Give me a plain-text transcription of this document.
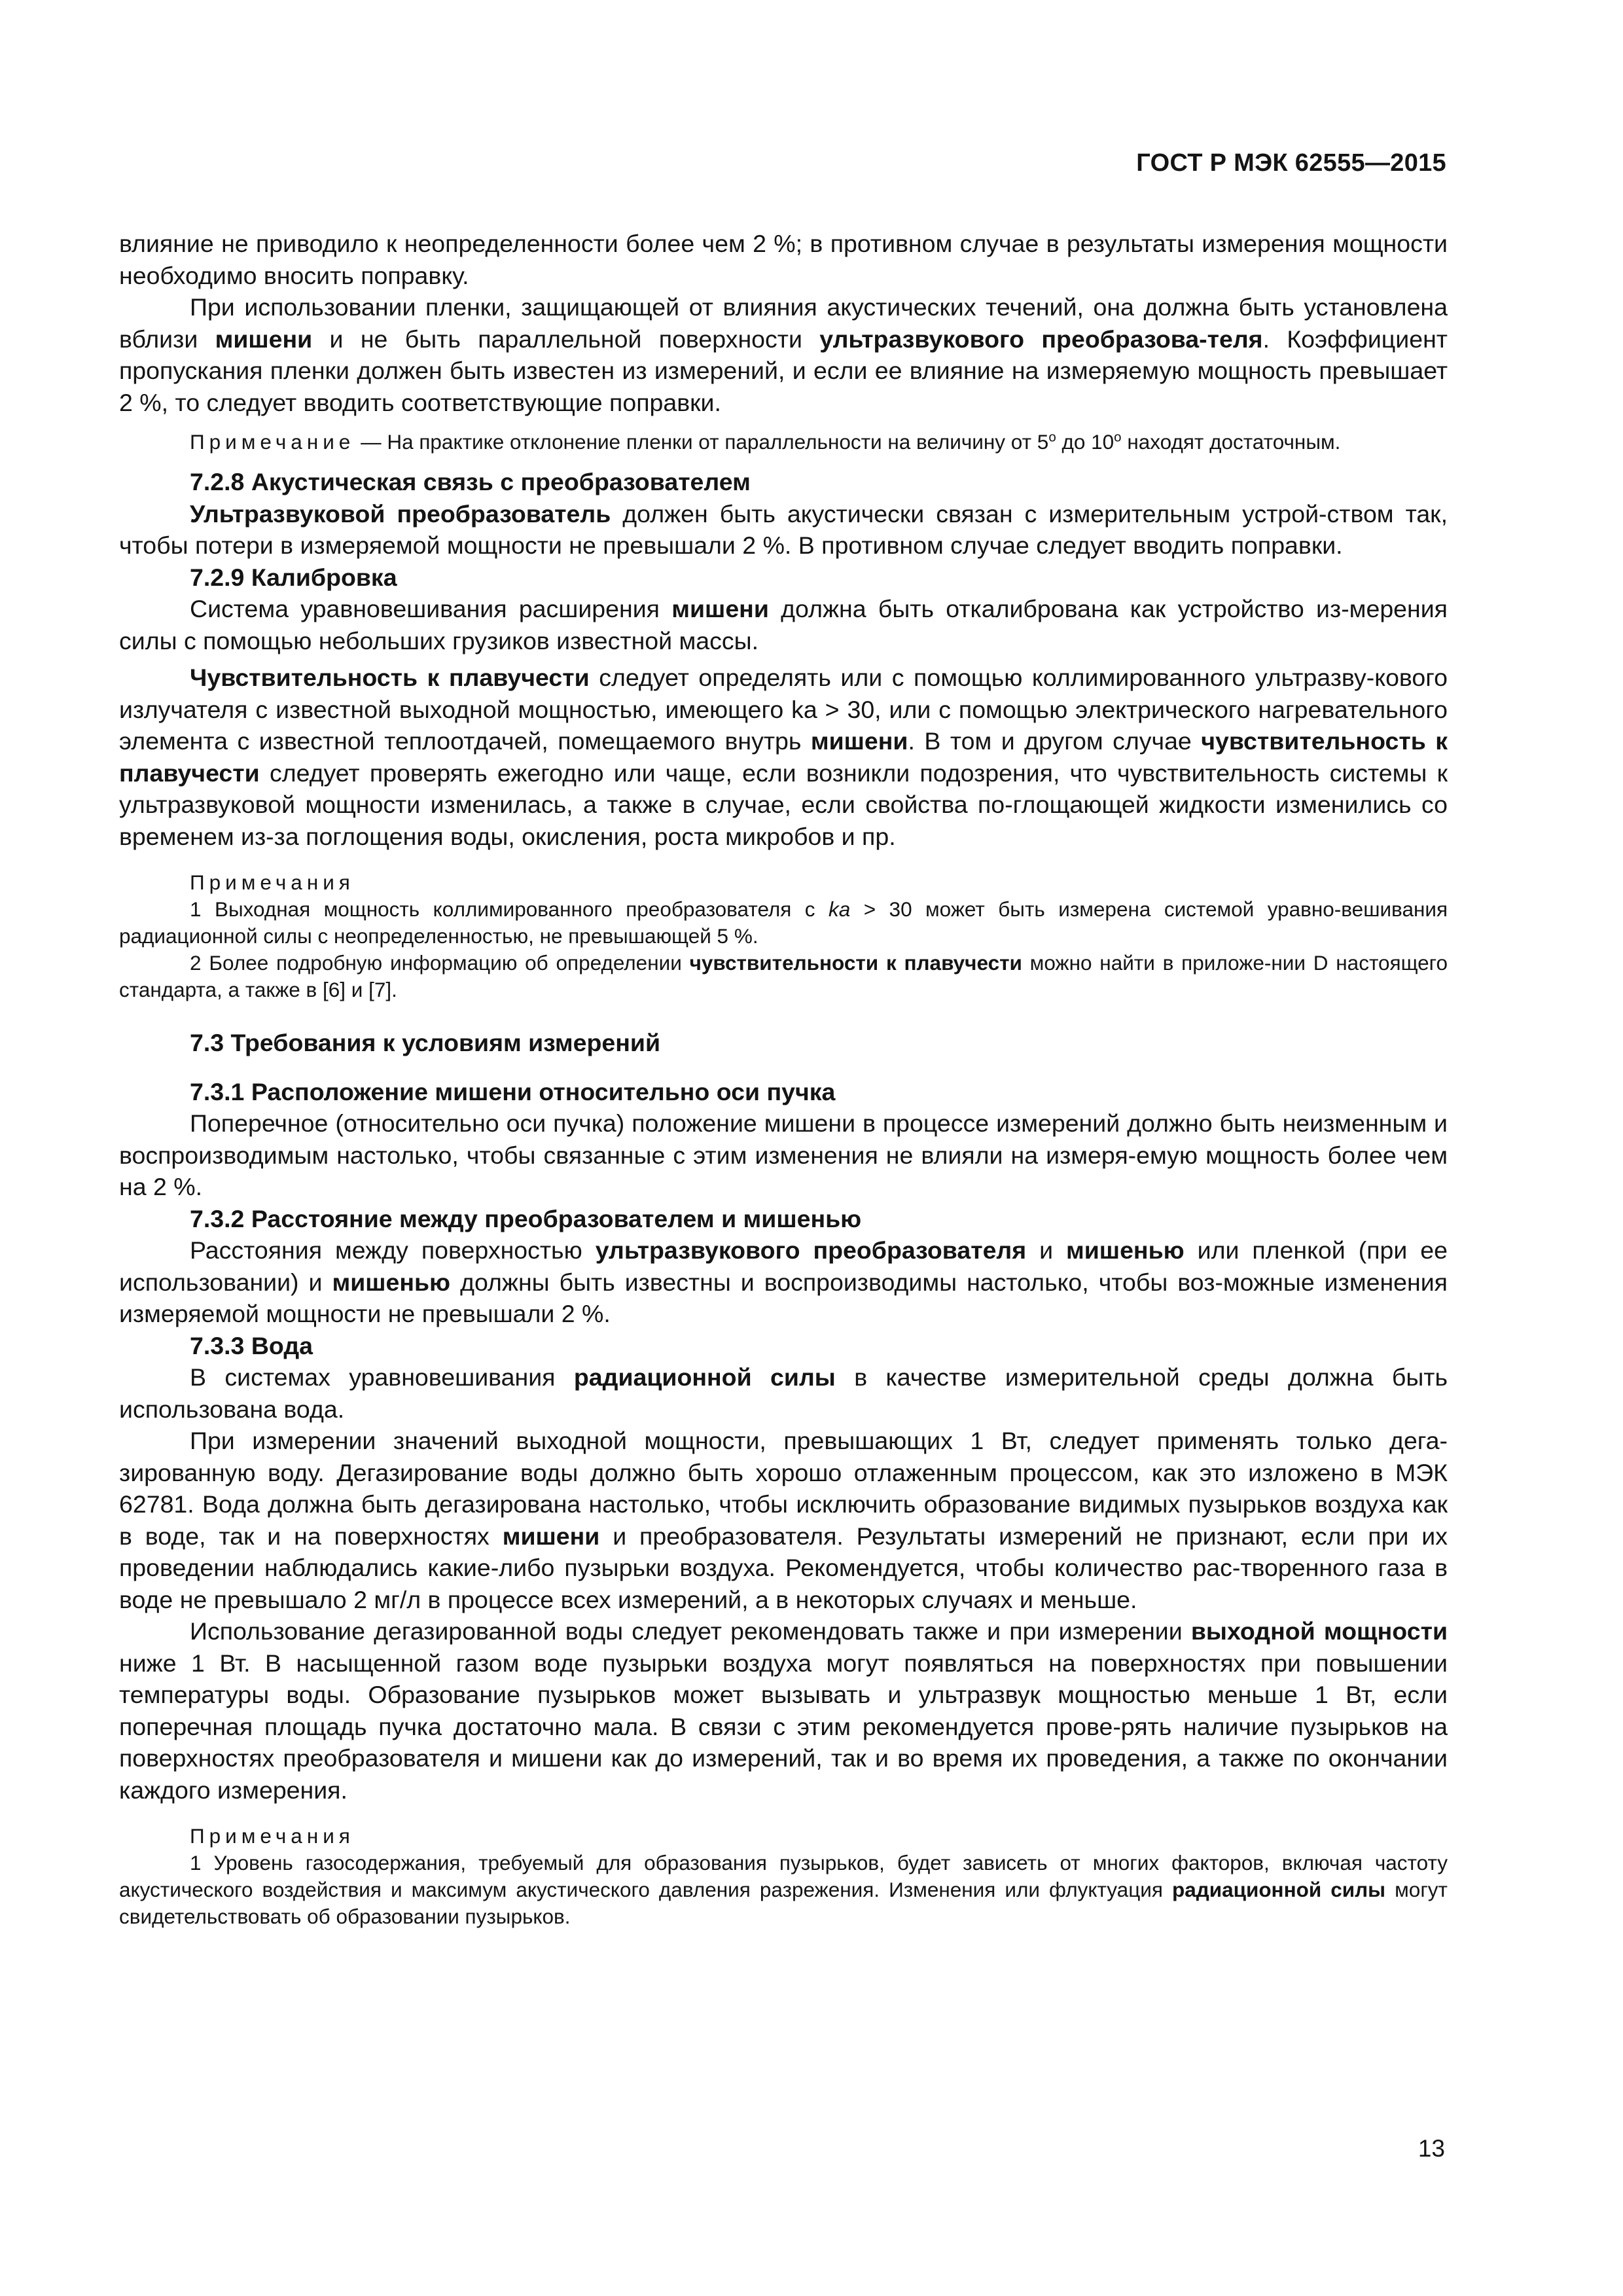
ГОСТ Р МЭК 62555—2015

влияние не приводило к неопределенности более чем 2 %; в противном случае в результаты измерения мощности необходимо вносить поправку.

При использовании пленки, защищающей от влияния акустических течений, она должна быть установлена вблизи мишени и не быть параллельной поверхности ультразвукового преобразова-теля. Коэффициент пропускания пленки должен быть известен из измерений, и если ее влияние на измеряемую мощность превышает 2 %, то следует вводить соответствующие поправки.

Примечание — На практике отклонение пленки от параллельности на величину от 5$^o$ до 10$^o$ находят достаточным.

7.2.8 Акустическая связь с преобразователем

Ультразвуковой преобразователь должен быть акустически связан с измерительным устрой-ством так, чтобы потери в измеряемой мощности не превышали 2 %. В противном случае следует вводить поправки.

7.2.9 Калибровка

Система уравновешивания расширения мишени должна быть откалибрована как устройство из-мерения силы с помощью небольших грузиков известной массы.

Чувствительность к плавучести следует определять или с помощью коллимированного ультразву-кового излучателя с известной выходной мощностью, имеющего ka > 30, или с помощью электрического нагревательного элемента с известной теплоотдачей, помещаемого внутрь мишени. В том и другом случае чувствительность к плавучести следует проверять ежегодно или чаще, если возникли подозрения, что чувствительность системы к ультразвуковой мощности изменилась, а также в случае, если свойства по-глощающей жидкости изменились со временем из-за поглощения воды, окисления, роста микробов и пр.

Примечания

1 Выходная мощность коллимированного преобразователя с ka > 30 может быть измерена системой уравно-вешивания радиационной силы с неопределенностью, не превышающей 5 %.

2 Более подробную информацию об определении чувствительности к плавучести можно найти в приложе-нии D настоящего стандарта, а также в [6] и [7].

7.3 Требования к условиям измерений

7.3.1 Расположение мишени относительно оси пучка

Поперечное (относительно оси пучка) положение мишени в процессе измерений должно быть неизменным и воспроизводимым настолько, чтобы связанные с этим изменения не влияли на измеря-емую мощность более чем на 2 %.

7.3.2 Расстояние между преобразователем и мишенью

Расстояния между поверхностью ультразвукового преобразователя и мишенью или пленкой (при ее использовании) и мишенью должны быть известны и воспроизводимы настолько, чтобы воз-можные изменения измеряемой мощности не превышали 2 %.

7.3.3 Вода

В системах уравновешивания радиационной силы в качестве измерительной среды должна быть использована вода.

При измерении значений выходной мощности, превышающих 1 Вт, следует применять только дега-зированную воду. Дегазирование воды должно быть хорошо отлаженным процессом, как это изложено в МЭК 62781. Вода должна быть дегазирована настолько, чтобы исключить образование видимых пузырьков воздуха как в воде, так и на поверхностях мишени и преобразователя. Результаты измерений не признают, если при их проведении наблюдались какие-либо пузырьки воздуха. Рекомендуется, чтобы количество рас-творенного газа в воде не превышало 2 мг/л в процессе всех измерений, а в некоторых случаях и меньше.

Использование дегазированной воды следует рекомендовать также и при измерении выходной мощности ниже 1 Вт. В насыщенной газом воде пузырьки воздуха могут появляться на поверхностях при повышении температуры воды. Образование пузырьков может вызывать и ультразвук мощностью меньше 1 Вт, если поперечная площадь пучка достаточно мала. В связи с этим рекомендуется прове-рять наличие пузырьков на поверхностях преобразователя и мишени как до измерений, так и во время их проведения, а также по окончании каждого измерения.

Примечания

1 Уровень газосодержания, требуемый для образования пузырьков, будет зависеть от многих факторов, включая частоту акустического воздействия и максимум акустического давления разрежения. Изменения или флуктуация радиационной силы могут свидетельствовать об образовании пузырьков.

13
